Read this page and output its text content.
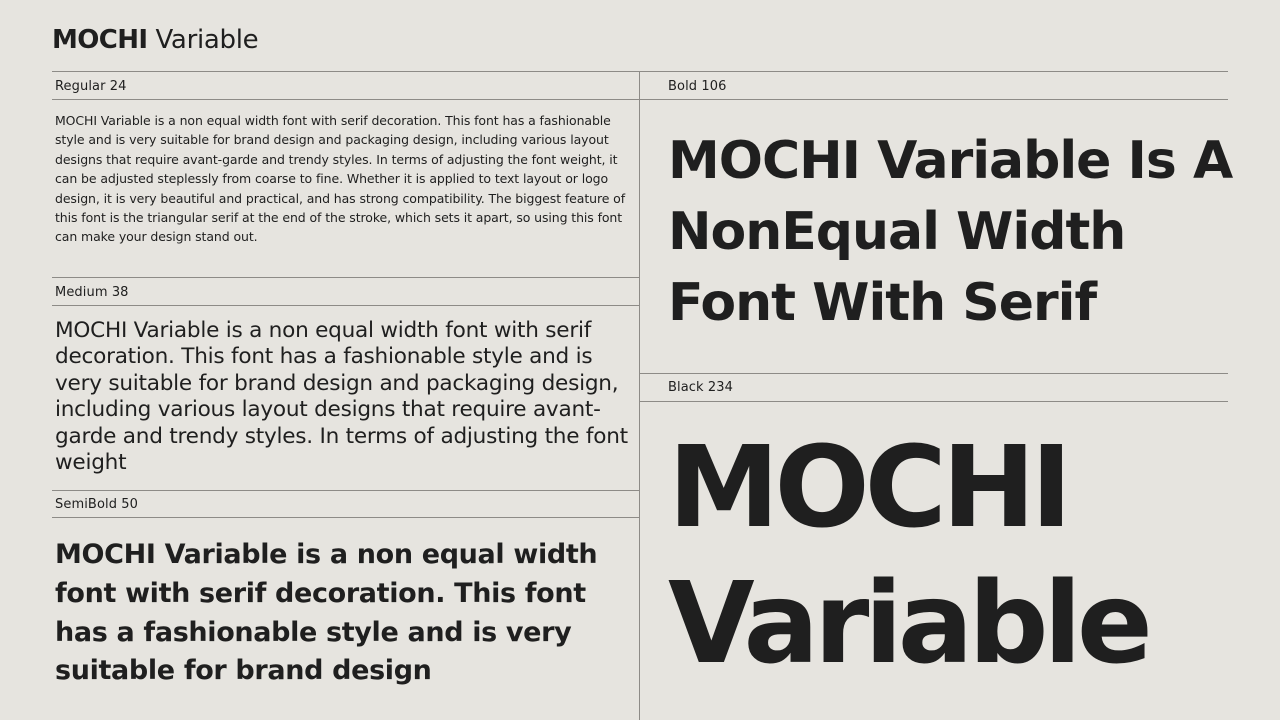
MOCHI Variable
Regular 24

MOCHI Variable is a non equal width font with serif decoration. This font has a fashionable style and is very suitable for brand design and packaging design, including various layout designs that require avant-garde and trendy styles. In terms of adjusting the font weight, it can be adjusted steplessly from coarse to fine. Whether it is applied to text layout or logo design, it is very beautiful and practical, and has strong compatibility. The biggest feature of this font is the triangular serif at the end of the stroke, which sets it apart, so using this font can make your design stand out.

Medium 38

MOCHI Variable is a non equal width font with serif decoration. This font has a fashionable style and is very suitable for brand design and packaging design, including various layout designs that require avant-garde and trendy styles. In terms of adjusting the font weight

SemiBold 50

MOCHI Variable is a non equal width font with serif decoration. This font has a fashionable style and is very suitable for brand design

Bold 106

MOCHI Variable Is A NonEqual Width Font With Serif

Black 234

MOCHI
Variable
